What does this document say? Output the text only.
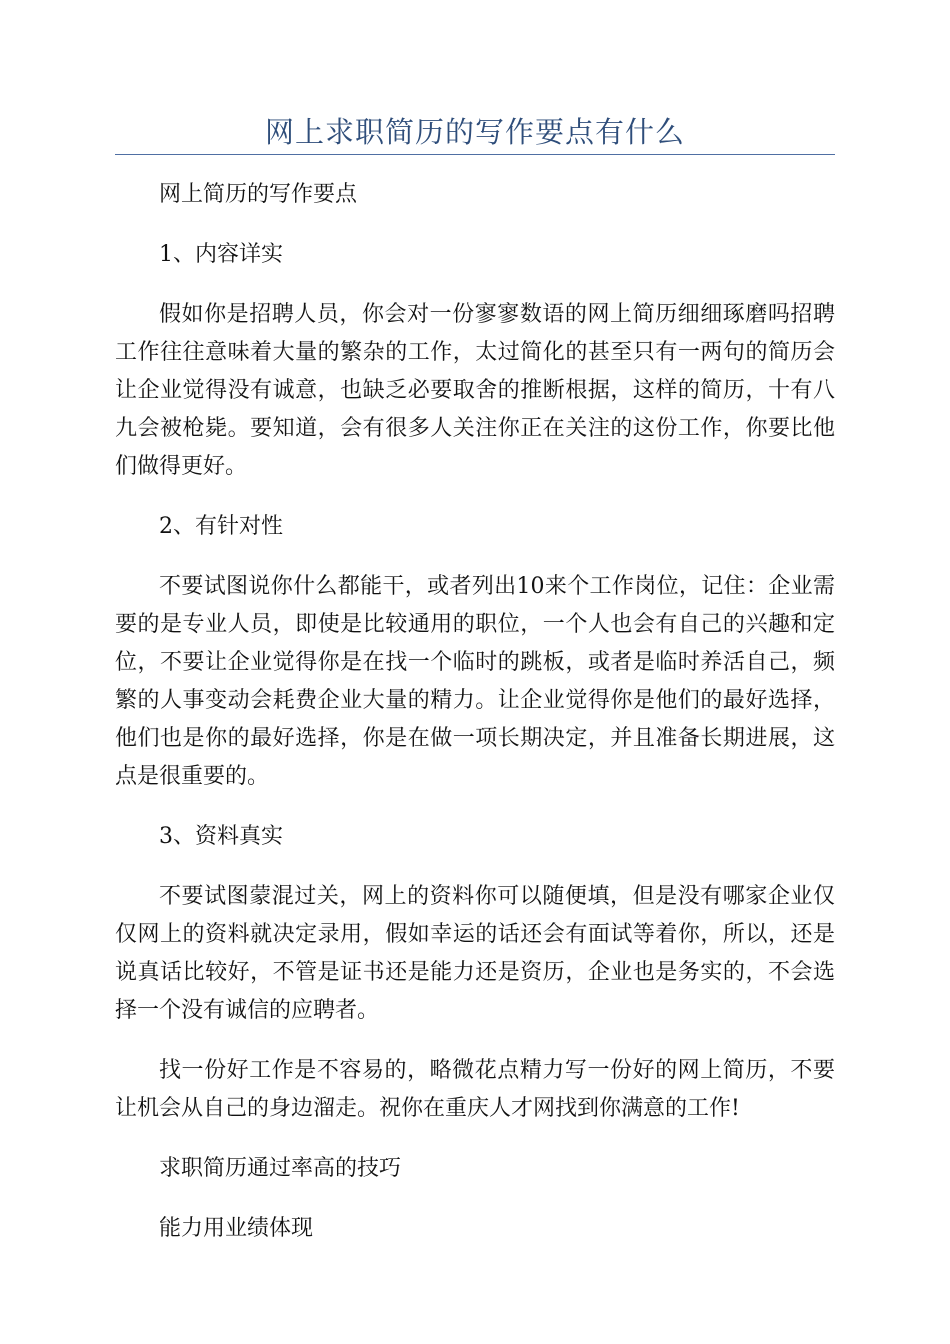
网上求职简历的写作要点有什么

网上简历的写作要点

1、内容详实

假如你是招聘人员，你会对一份寥寥数语的网上简历细细琢磨吗招聘工作往往意味着大量的繁杂的工作，太过简化的甚至只有一两句的简历会让企业觉得没有诚意，也缺乏必要取舍的推断根据，这样的简历，十有八九会被枪毙。要知道，会有很多人关注你正在关注的这份工作，你要比他们做得更好。

2、有针对性

不要试图说你什么都能干，或者列出10来个工作岗位，记住：企业需要的是专业人员，即使是比较通用的职位，一个人也会有自己的兴趣和定位，不要让企业觉得你是在找一个临时的跳板，或者是临时养活自己，频繁的人事变动会耗费企业大量的精力。让企业觉得你是他们的最好选择，他们也是你的最好选择，你是在做一项长期决定，并且准备长期进展，这点是很重要的。

3、资料真实

不要试图蒙混过关，网上的资料你可以随便填，但是没有哪家企业仅仅网上的资料就决定录用，假如幸运的话还会有面试等着你，所以，还是说真话比较好，不管是证书还是能力还是资历，企业也是务实的，不会选择一个没有诚信的应聘者。

找一份好工作是不容易的，略微花点精力写一份好的网上简历，不要让机会从自己的身边溜走。祝你在重庆人才网找到你满意的工作!

求职简历通过率高的技巧

能力用业绩体现
